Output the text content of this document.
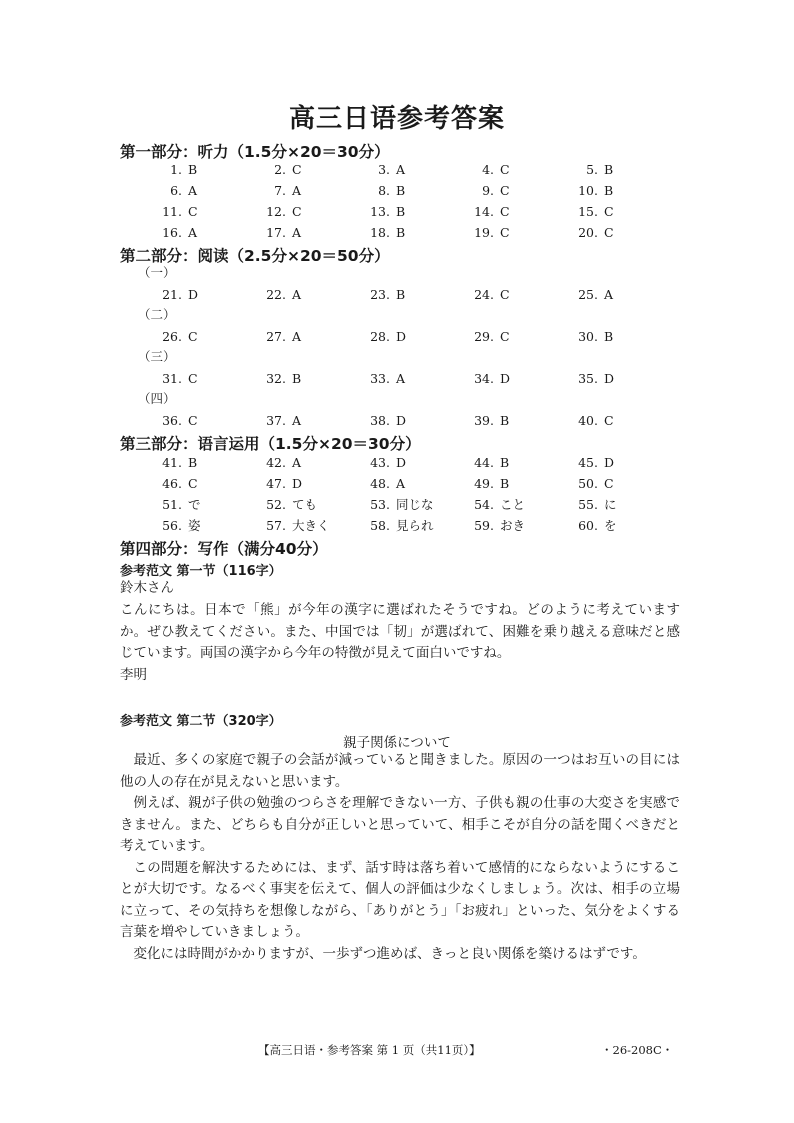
高三日语参考答案
第一部分：听力（1.5分×20＝30分）
1. B	2. C	3. A	4. C	5. B
6. A	7. A	8. B	9. C	10. B
11. C	12. C	13. B	14. C	15. C
16. A	17. A	18. B	19. C	20. C
第二部分：阅读（2.5分×20＝50分）
（一）
21. D	22. A	23. B	24. C	25. A
（二）
26. C	27. A	28. D	29. C	30. B
（三）
31. C	32. B	33. A	34. D	35. D
（四）
36. C	37. A	38. D	39. B	40. C
第三部分：语言运用（1.5分×20＝30分）
41. B	42. A	43. D	44. B	45. D
46. C	47. D	48. A	49. B	50. C
51. で	52. ても	53. 同じな	54. こと	55. に
56. 姿	57. 大きく	58. 見られ	59. おき	60. を
第四部分：写作（满分40分）
参考范文 第一节（116字）
鈴木さん
こんにちは。日本で「熊」が今年の漢字に選ばれたそうですね。どのように考えていますか。ぜひ教えてください。また、中国では「韧」が選ばれて、困難を乗り越える意味だと感じています。両国の漢字から今年の特徴が見えて面白いですね。
李明
参考范文 第二节（320字）
親子関係について
最近、多くの家庭で親子の会話が減っていると聞きました。原因の一つはお互いの目には他の人の存在が見えないと思います。
例えば、親が子供の勉強のつらさを理解できない一方、子供も親の仕事の大変さを実感できません。また、どちらも自分が正しいと思っていて、相手こそが自分の話を聞くべきだと考えています。
この問題を解決するためには、まず、話す時は落ち着いて感情的にならないようにすることが大切です。なるべく事実を伝えて、個人の評価は少なくしましょう。次は、相手の立場に立って、その気持ちを想像しながら、「ありがとう」「お疲れ」といった、気分をよくする言葉を増やしていきましょう。
変化には時間がかかりますが、一歩ずつ進めば、きっと良い関係を築けるはずです。
【高三日语・参考答案 第 1 页（共11页）】	・26-208C・
